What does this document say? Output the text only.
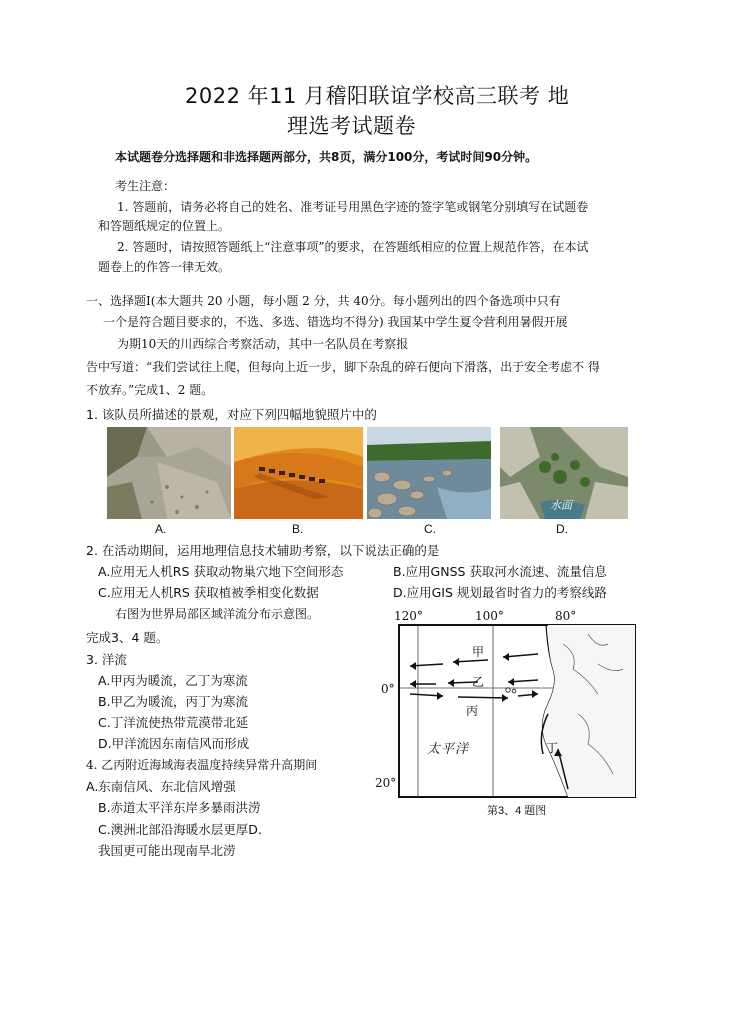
2022 年11 月稽阳联谊学校高三联考 地
理选考试题卷
本试题卷分选择题和非选择题两部分，共8页，满分100分，考试时间90分钟。
考生注意：
1. 答题前，请务必将自己的姓名、准考证号用黑色字迹的签字笔或钢笔分别填写在试题卷
和答题纸规定的位置上。
2. 答题时，请按照答题纸上“注意事项”的要求，在答题纸相应的位置上规范作答，在本试
题卷上的作答一律无效。
一、选择题Ⅰ(本大题共 20 小题，每小题 2 分，共 40分。每小题列出的四个备选项中只有
一个是符合题目要求的，不选、多选、错选均不得分) 我国某中学生夏令营利用暑假开展
为期10天的川西综合考察活动，其中一名队员在考察报
告中写道：“我们尝试往上爬，但每向上近一步，脚下杂乱的碎石便向下滑落，出于安全考虑不 得
不放弃。”完成1、2 题。
1. 该队员所描述的景观，对应下列四幅地貌照片中的
水面
A.	B.	C.	D.
2. 在活动期间，运用地理信息技术辅助考察，以下说法正确的是
A.应用无人机RS 获取动物巢穴地下空间形态	B.应用GNSS 获取河水流速、流量信息
C.应用无人机RS 获取植被季相变化数据	D.应用GIS 规划最省时省力的考察线路
右图为世界局部区域洋流分布示意图。
完成3、4 题。
3. 洋流
A.甲丙为暖流，乙丁为寒流
B.甲乙为暖流，丙丁为寒流
C.丁洋流使热带荒漠带北延
D.甲洋流因东南信风而形成
4. 乙丙附近海域海表温度持续异常升高期间
A.东南信风、东北信风增强
B.赤道太平洋东岸多暴雨洪涝
C.澳洲北部沿海暖水层更厚D.
我国更可能出现南旱北涝
120°	100°	80°
0°
20°
甲
乙
丙
丁
太平洋
第3、4 题图
